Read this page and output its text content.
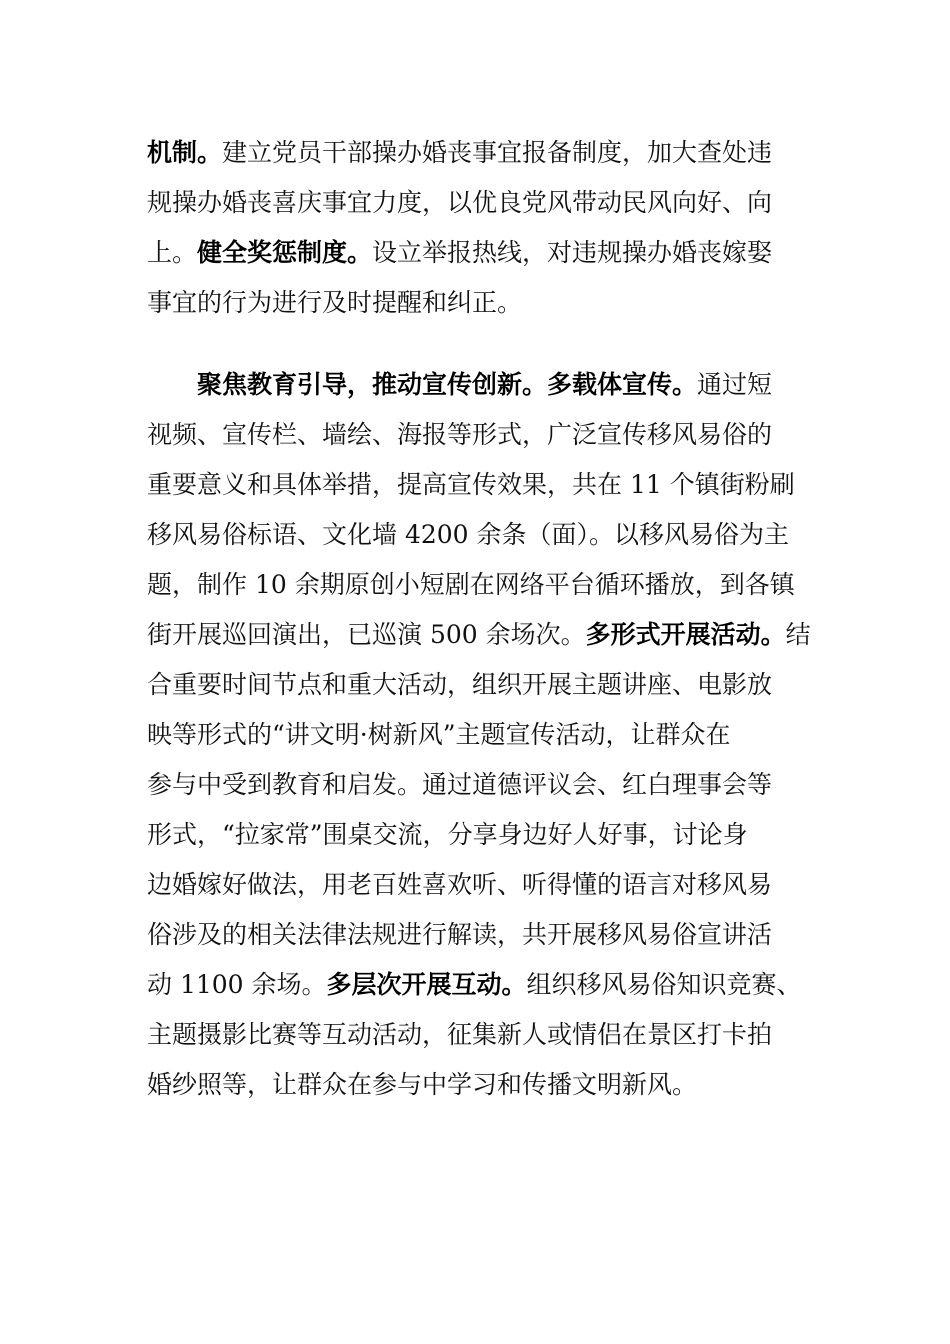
机制。建立党员干部操办婚丧事宜报备制度，加大查处违
规操办婚丧喜庆事宜力度，以优良党风带动民风向好、向
上。健全奖惩制度。设立举报热线，对违规操办婚丧嫁娶
事宜的行为进行及时提醒和纠正。
聚焦教育引导，推动宣传创新。多载体宣传。通过短
视频、宣传栏、墙绘、海报等形式，广泛宣传移风易俗的
重要意义和具体举措，提高宣传效果，共在 11 个镇街粉刷
移风易俗标语、文化墙 4200 余条（面）。以移风易俗为主
题，制作 10 余期原创小短剧在网络平台循环播放，到各镇
街开展巡回演出，已巡演 500 余场次。多形式开展活动。结
合重要时间节点和重大活动，组织开展主题讲座、电影放
映等形式的“讲文明·树新风”主题宣传活动，让群众在
参与中受到教育和启发。通过道德评议会、红白理事会等
形式，“拉家常”围桌交流，分享身边好人好事，讨论身
边婚嫁好做法，用老百姓喜欢听、听得懂的语言对移风易
俗涉及的相关法律法规进行解读，共开展移风易俗宣讲活
动 1100 余场。多层次开展互动。组织移风易俗知识竞赛、
主题摄影比赛等互动活动，征集新人或情侣在景区打卡拍
婚纱照等，让群众在参与中学习和传播文明新风。
